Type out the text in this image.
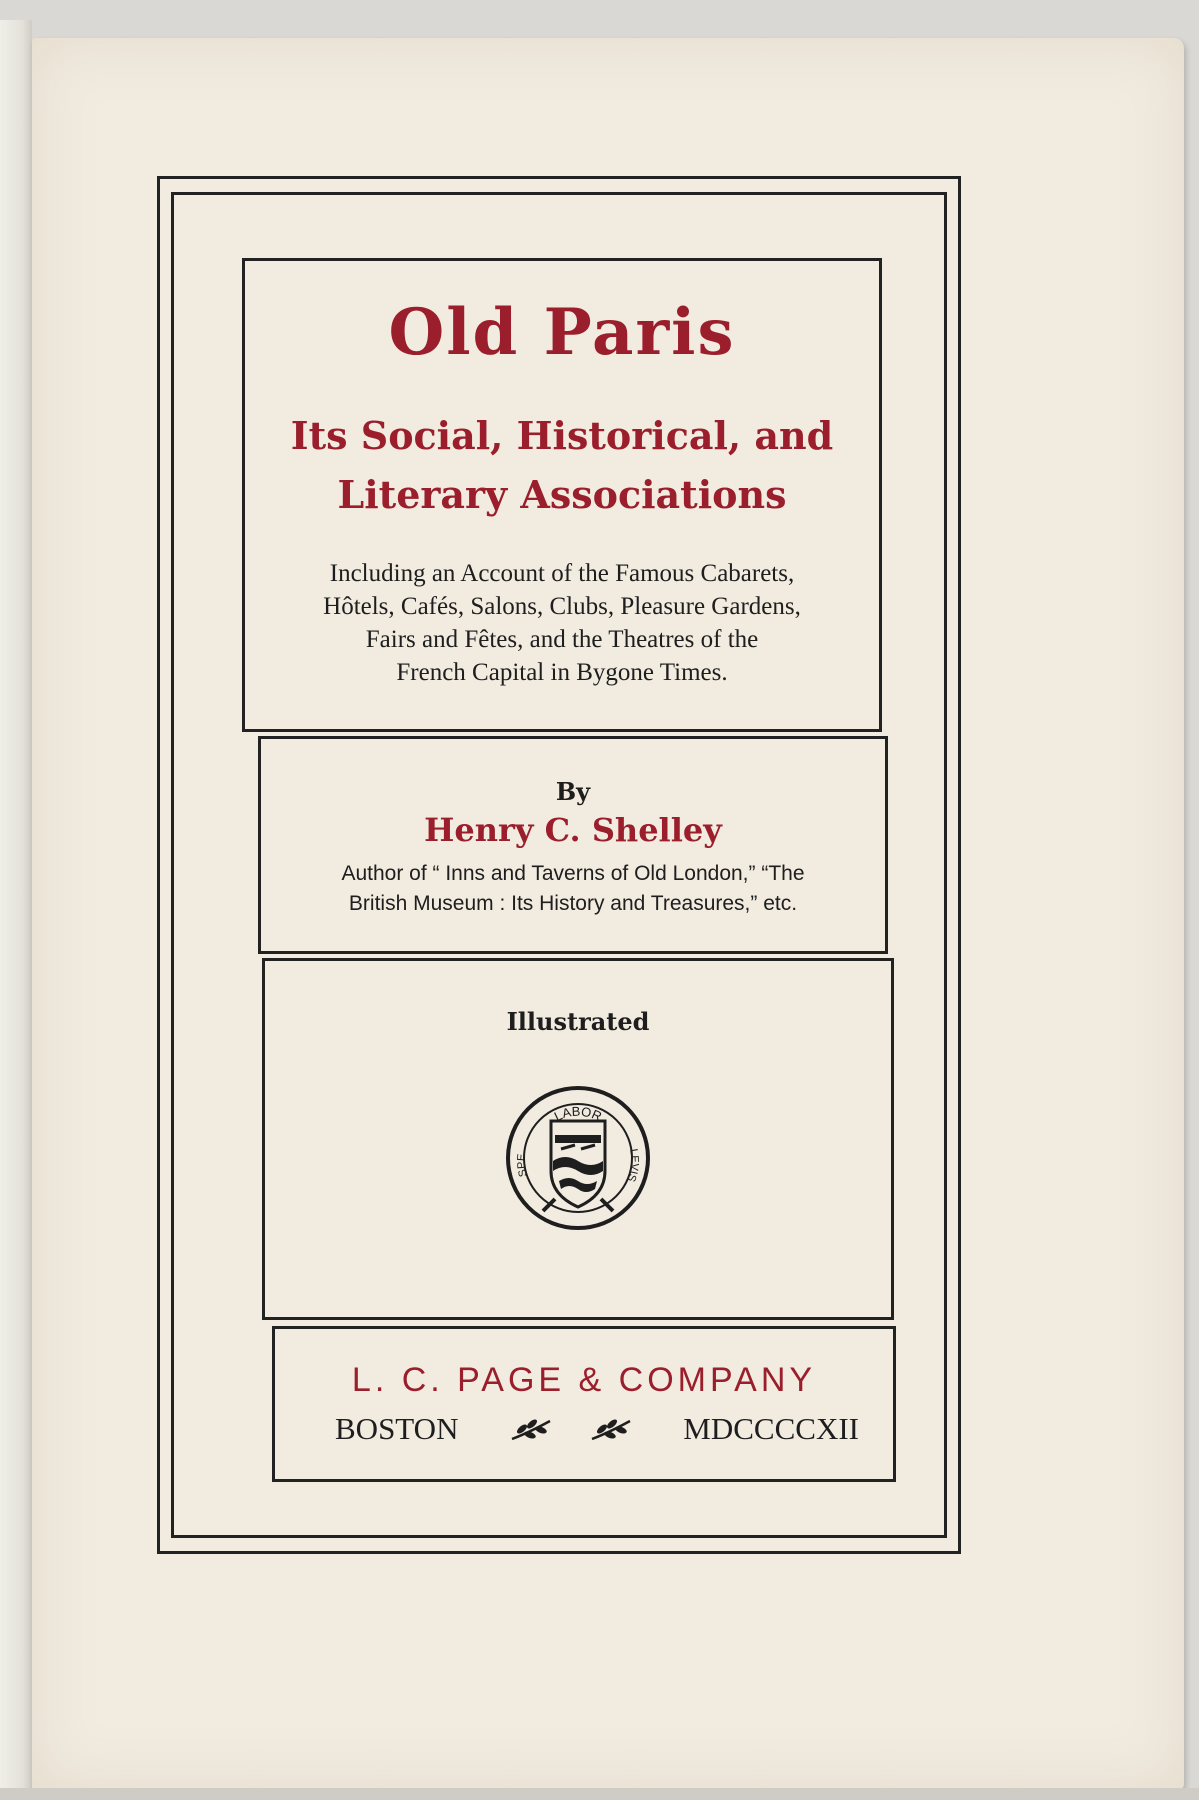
Old Paris
Its Social, Historical, and
Literary Associations
Including an Account of the Famous Cabarets,
Hôtels, Cafés, Salons, Clubs, Pleasure Gardens,
Fairs and Fêtes, and the Theatres of the
French Capital in Bygone Times.
By
Henry C. Shelley
Author of “ Inns and Taverns of Old London,” “The
British Museum : Its History and Treasures,” etc.
Illustrated
LABOR
SPE
LEVIS
L. C. PAGE & COMPANY
BOSTON	MDCCCCXII
